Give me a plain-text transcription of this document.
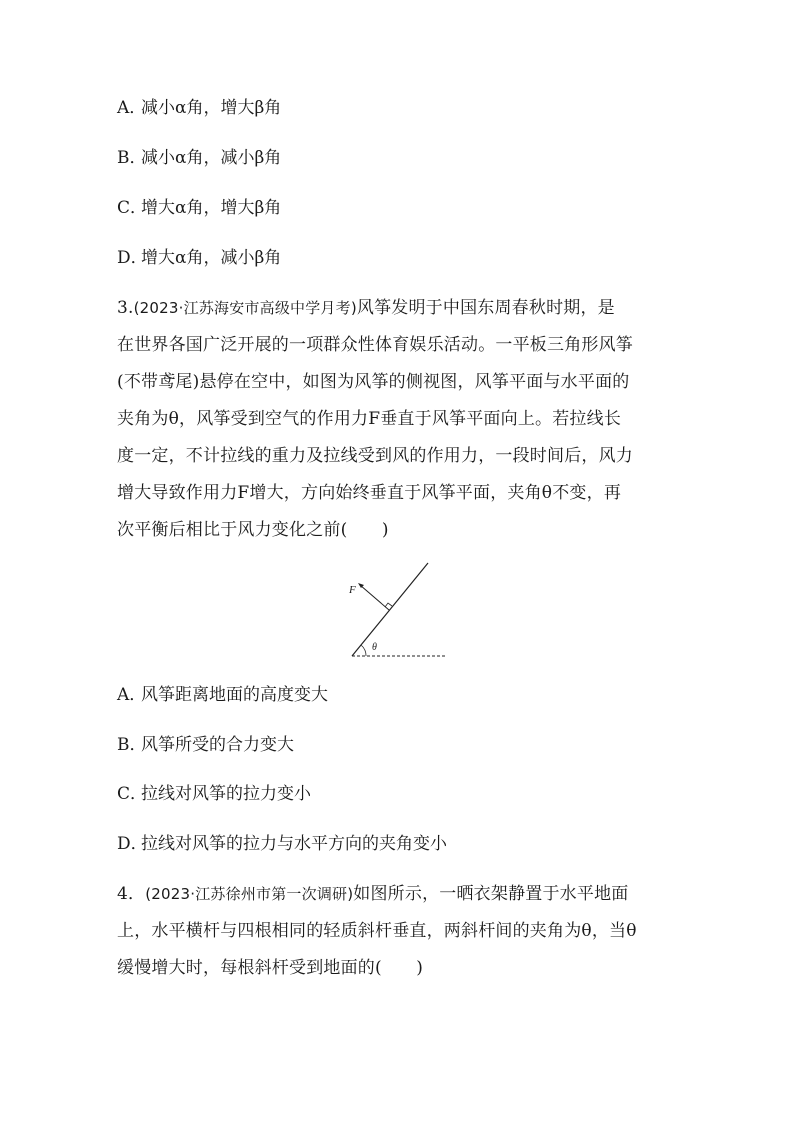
A．减小α角，增大β角
B．减小α角，减小β角
C．增大α角，增大β角
D．增大α角，减小β角

3.(2023·江苏海安市高级中学月考)风筝发明于中国东周春秋时期，是

在世界各国广泛开展的一项群众性体育娱乐活动。一平板三角形风筝

(不带鸢尾)悬停在空中，如图为风筝的侧视图，风筝平面与水平面的

夹角为θ，风筝受到空气的作用力F垂直于风筝平面向上。若拉线长

度一定，不计拉线的重力及拉线受到风的作用力，一段时间后，风力

增大导致作用力F增大，方向始终垂直于风筝平面，夹角θ不变，再

次平衡后相比于风力变化之前(　　)

F
θ
A．风筝距离地面的高度变大
B．风筝所受的合力变大
C．拉线对风筝的拉力变小
D．拉线对风筝的拉力与水平方向的夹角变小

4．(2023·江苏徐州市第一次调研)如图所示，一晒衣架静置于水平地面

上，水平横杆与四根相同的轻质斜杆垂直，两斜杆间的夹角为θ，当θ

缓慢增大时，每根斜杆受到地面的(　　)
